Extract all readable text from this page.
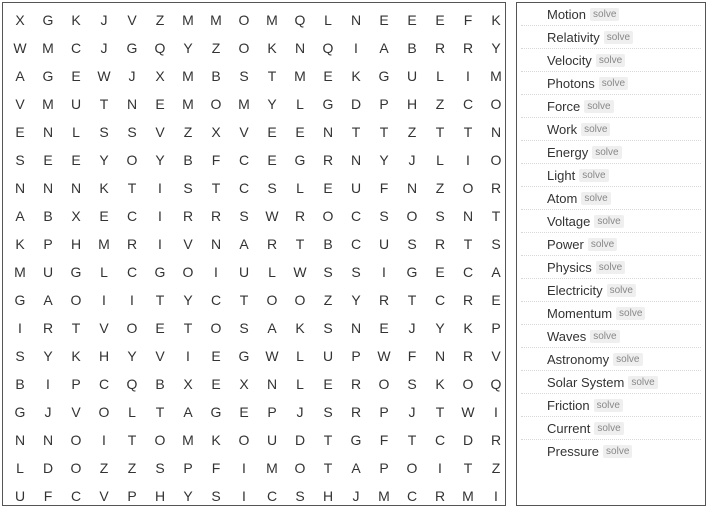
X	G	K	J	V	Z	M	M	O	M	Q	L	N	E	E	E	F	K
W	M	C	J	G	Q	Y	Z	O	K	N	Q	I	A	B	R	R	Y
A	G	E	W	J	X	M	B	S	T	M	E	K	G	U	L	I	M
V	M	U	T	N	E	M	O	M	Y	L	G	D	P	H	Z	C	O
E	N	L	S	S	V	Z	X	V	E	E	N	T	T	Z	T	T	N
S	E	E	Y	O	Y	B	F	C	E	G	R	N	Y	J	L	I	O
N	N	N	K	T	I	S	T	C	S	L	E	U	F	N	Z	O	R
A	B	X	E	C	I	R	R	S	W	R	O	C	S	O	S	N	T
K	P	H	M	R	I	V	N	A	R	T	B	C	U	S	R	T	S
M	U	G	L	C	G	O	I	U	L	W	S	S	I	G	E	C	A
G	A	O	I	I	T	Y	C	T	O	O	Z	Y	R	T	C	R	E
I	R	T	V	O	E	T	O	S	A	K	S	N	E	J	Y	K	P
S	Y	K	H	Y	V	I	E	G	W	L	U	P	W	F	N	R	V
B	I	P	C	Q	B	X	E	X	N	L	E	R	O	S	K	O	Q
G	J	V	O	L	T	A	G	E	P	J	S	R	P	J	T	W	I
N	N	O	I	T	O	M	K	O	U	D	T	G	F	T	C	D	R
L	D	O	Z	Z	S	P	F	I	M	O	T	A	P	O	I	T	Z
U	F	C	V	P	H	Y	S	I	C	S	H	J	M	C	R	M	I
Motion solve
Relativity solve
Velocity solve
Photons solve
Force solve
Work solve
Energy solve
Light solve
Atom solve
Voltage solve
Power solve
Physics solve
Electricity solve
Momentum solve
Waves solve
Astronomy solve
Solar System solve
Friction solve
Current solve
Pressure solve
